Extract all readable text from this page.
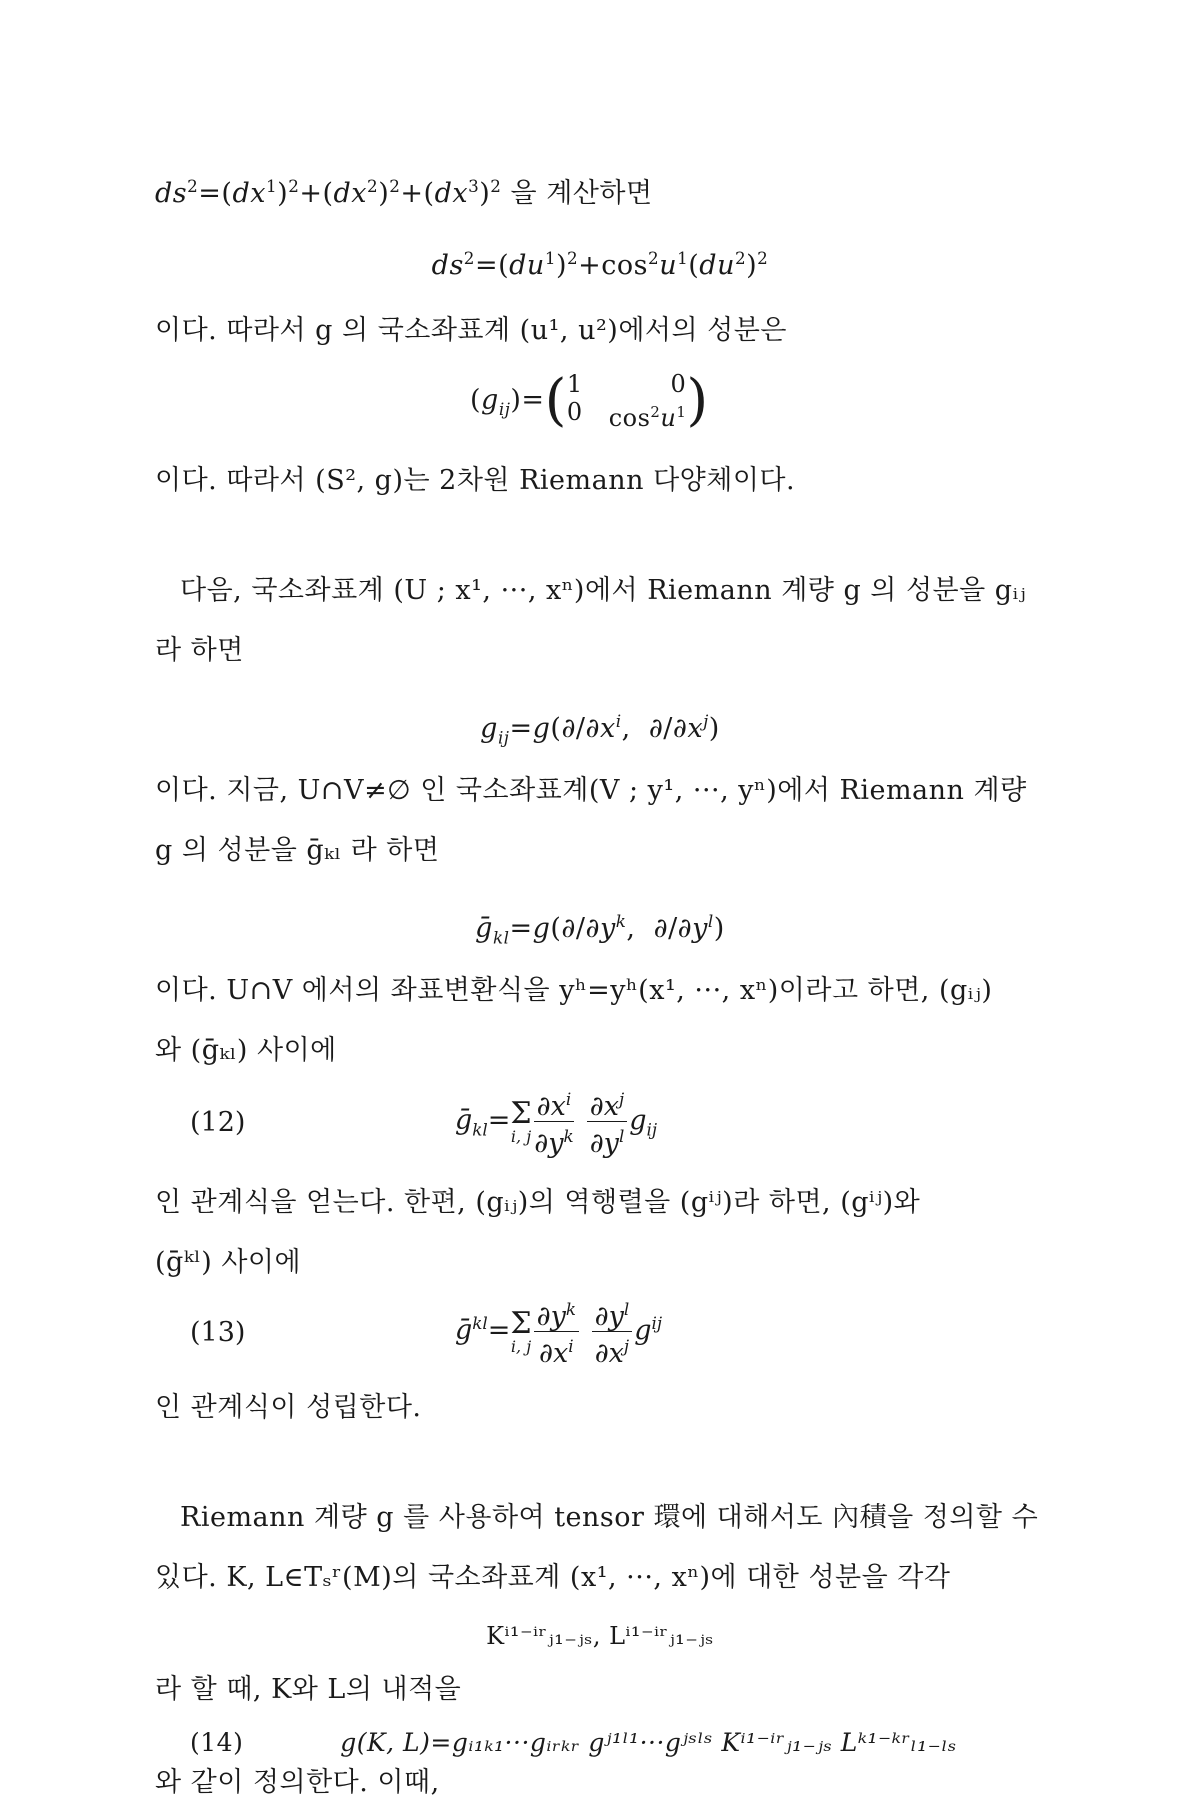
$ds^2=(dx^1)^2+(dx^2)^2+(dx^3)^2$ 을 계산하면
$ds^2=(du^1)^2+\cos^2u^1(du^2)^2$
이다. 따라서 g 의 국소좌표계 (u¹, u²)에서의 성분은
$(g_{ij})=$( 1	0
0 $\cos^2u^1$ )
이다. 따라서 (S², g)는 2차원 Riemann 다양체이다.
다음, 국소좌표계 (U ; x¹, ···, xⁿ)에서 Riemann 계량 g 의 성분을 gᵢⱼ
라 하면
$g_{ij}=g(\partial/\partial x^i$,  $\partial/\partial x^j$)
이다. 지금, U∩V≠∅ 인 국소좌표계(V ; y¹, ···, yⁿ)에서 Riemann 계량
g 의 성분을 ḡₖₗ 라 하면
$ḡ_{kl}=g(\partial/\partial y^k$,  $\partial/\partial y^l$)
이다. U∩V 에서의 좌표변환식을 yʰ=yʰ(x¹, ···, xⁿ)이라고 하면, (gᵢⱼ)
와 (ḡₖₗ) 사이에
(12)	ḡ$_{kl}$=Σ
i, j $\frac{\partial x^i}{\partial y^k}$
$\frac{\partial x^j}{\partial y^l} g_{ij}$
인 관계식을 얻는다. 한편, (gᵢⱼ)의 역행렬을 (gⁱʲ)라 하면, (gⁱʲ)와
(ḡᵏˡ) 사이에
(13)	ḡ$^{kl}$=Σ
i, j $\frac{\partial y^k}{\partial x^i}$
$\frac{\partial y^l}{\partial x^j} g^{ij}$
인 관계식이 성립한다.
Riemann 계량 g 를 사용하여 tensor 環에 대해서도 內積을 정의할 수
있다. K, L∈Tₛʳ(M)의 국소좌표계 (x¹, ···, xⁿ)에 대한 성분을 각각
Kⁱ¹⁻ⁱʳⱼ₁₋ⱼₛ, Lⁱ¹⁻ⁱʳⱼ₁₋ⱼₛ
라 할 때, K와 L의 내적을
(14)	g(K, L)=gᵢ₁ₖ₁···gᵢᵣₖᵣ gʲ¹ˡ¹···gʲˢˡˢ Kⁱ¹⁻ⁱʳⱼ₁₋ⱼₛ Lᵏ¹⁻ᵏʳₗ₁₋ₗₛ
와 같이 정의한다. 이때,
